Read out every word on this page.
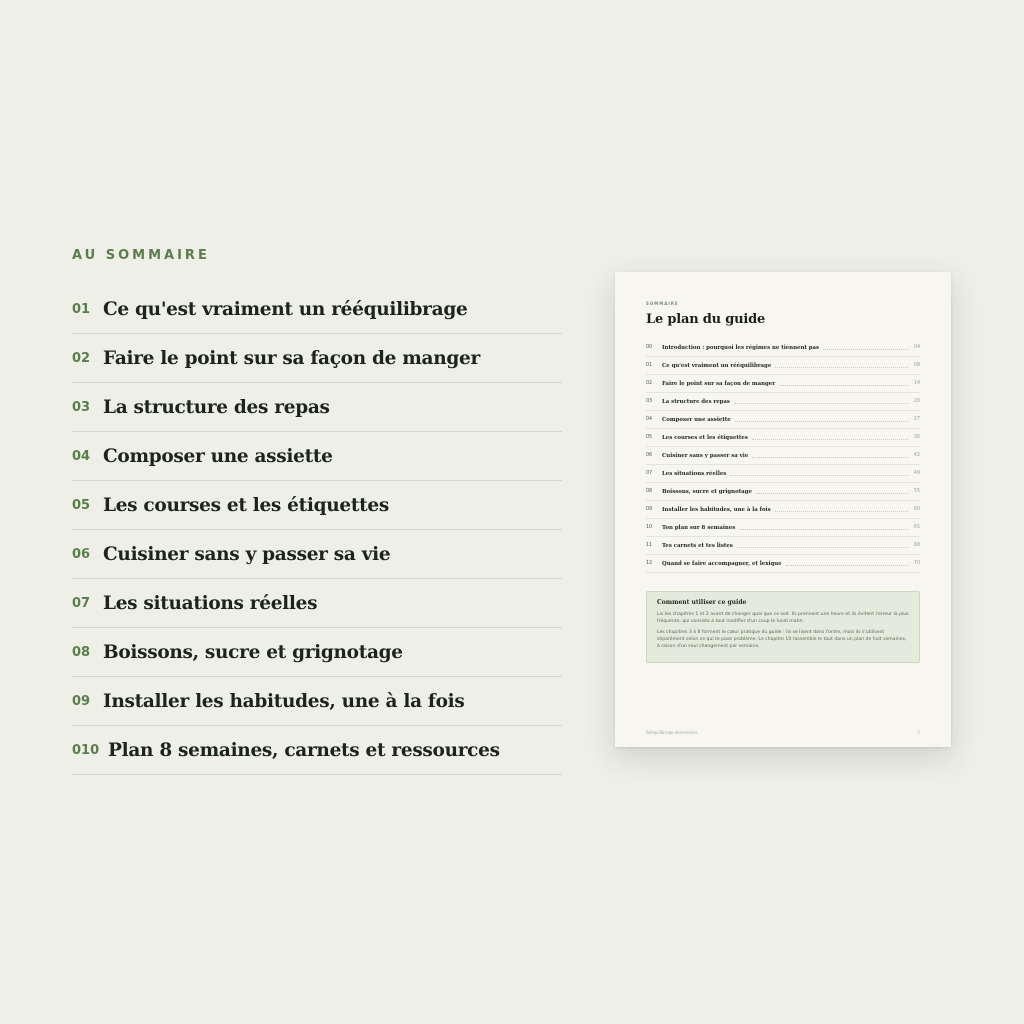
AU SOMMAIRE
01 Ce qu'est vraiment un rééquilibrage
02 Faire le point sur sa façon de manger
03 La structure des repas
04 Composer une assiette
05 Les courses et les étiquettes
06 Cuisiner sans y passer sa vie
07 Les situations réelles
08 Boissons, sucre et grignotage
09 Installer les habitudes, une à la fois
010 Plan 8 semaines, carnets et ressources
SOMMAIRE
Le plan du guide
00	Introduction : pourquoi les régimes ne tiennent pas	04
01	Ce qu'est vraiment un rééquilibrage	08
02	Faire le point sur sa façon de manger	14
03	La structure des repas	20
04	Composer une assiette	27
05	Les courses et les étiquettes	36
06	Cuisiner sans y passer sa vie	42
07	Les situations réelles	49
08	Boissons, sucre et grignotage	55
09	Installer les habitudes, une à la fois	60
10	Ton plan sur 8 semaines	65
11	Tes carnets et tes listes	68
12	Quand se faire accompagner, et lexique	70
Comment utiliser ce guide

Lis les chapitres 1 et 2 avant de changer quoi que ce soit. Ils prennent une heure et ils évitent l'erreur la plus fréquente, qui consiste à tout modifier d'un coup le lundi matin.

Les chapitres 3 à 8 forment le cœur pratique du guide : ils se lisent dans l'ordre, mais ils s'utilisent séparément selon ce qui te pose problème. Le chapitre 10 rassemble le tout dans un plan de huit semaines, à raison d'un seul changement par semaine.

Rééquilibrage alimentaire	2
